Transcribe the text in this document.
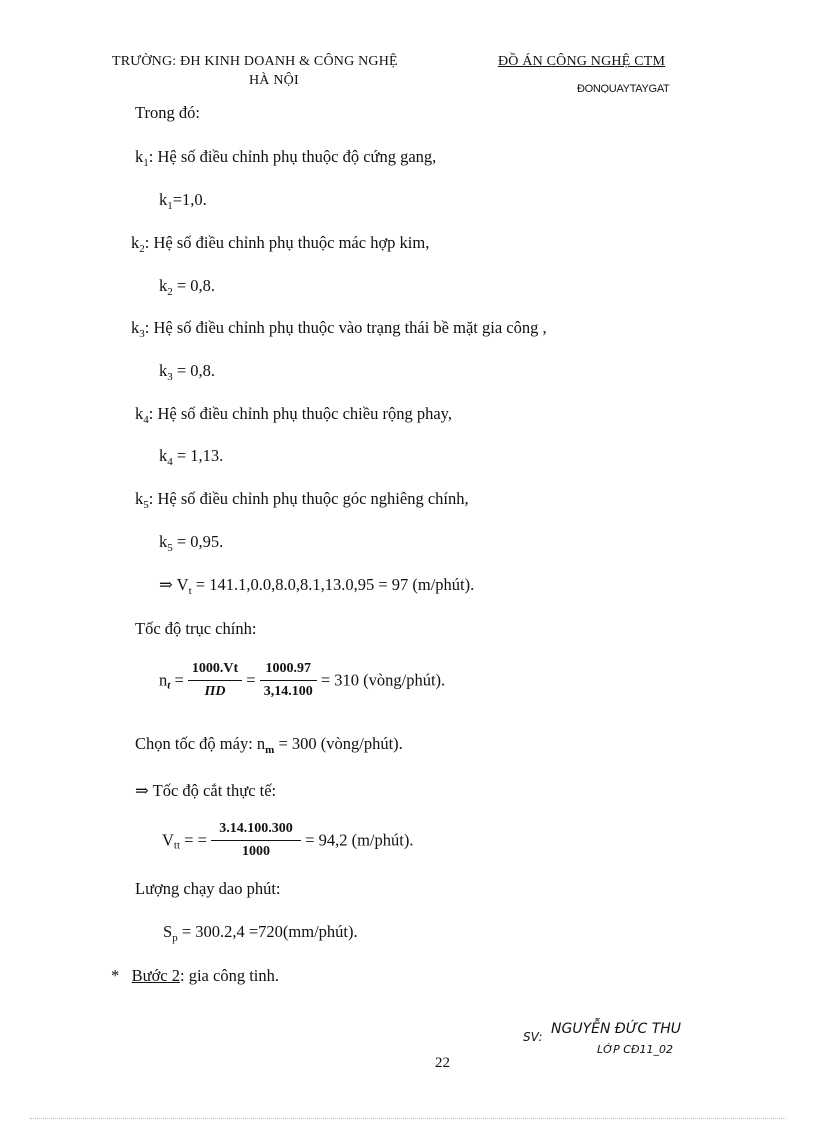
TRƯỜNG: ĐH KINH DOANH & CÔNG NGHỆ
HÀ NỘI
ĐỒ ÁN CÔNG NGHỆ CTM
ĐỒNQUAYTAYGAT
Trong đó:
$k_1$: Hệ số điều chỉnh phụ thuộc độ cứng gang,
$k_1=1,0$.
$k_2$: Hệ số điều chỉnh phụ thuộc mác hợp kim,
$k_2 = 0,8$.
$k_3$: Hệ số điều chỉnh phụ thuộc vào trạng thái bề mặt gia công ,
$k_3 = 0,8$.
$k_4$: Hệ số điều chỉnh phụ thuộc chiều rộng phay,
$k_4 = 1,13$.
$k_5$: Hệ số điều chỉnh phụ thuộc góc nghiêng chính,
$k_5 = 0,95$.
⇒ $V_t = 141.1,0.0,8.0,8.1,13.0,95 = 97$ (m/phút).
Tốc độ trục chính:
$n_t = \frac{1000.Vt}{\Pi D} = \frac{1000.97}{3,14.100} = 310$ (vòng/phút).
Chọn tốc độ máy: $n_m = 300$ (vòng/phút).
⇒ Tốc độ cắt thực tế:
$V_{tt}$ = = $\frac{3.14.100.300}{1000} = 94,2$ (m/phút).
Lượng chạy dao phút:
$S_p = 300.2,4$ =720(mm/phút).
* Bước 2: gia công tinh.
SV: NGUYỄN ĐỨC THU
LỚP CĐ11_02
22
